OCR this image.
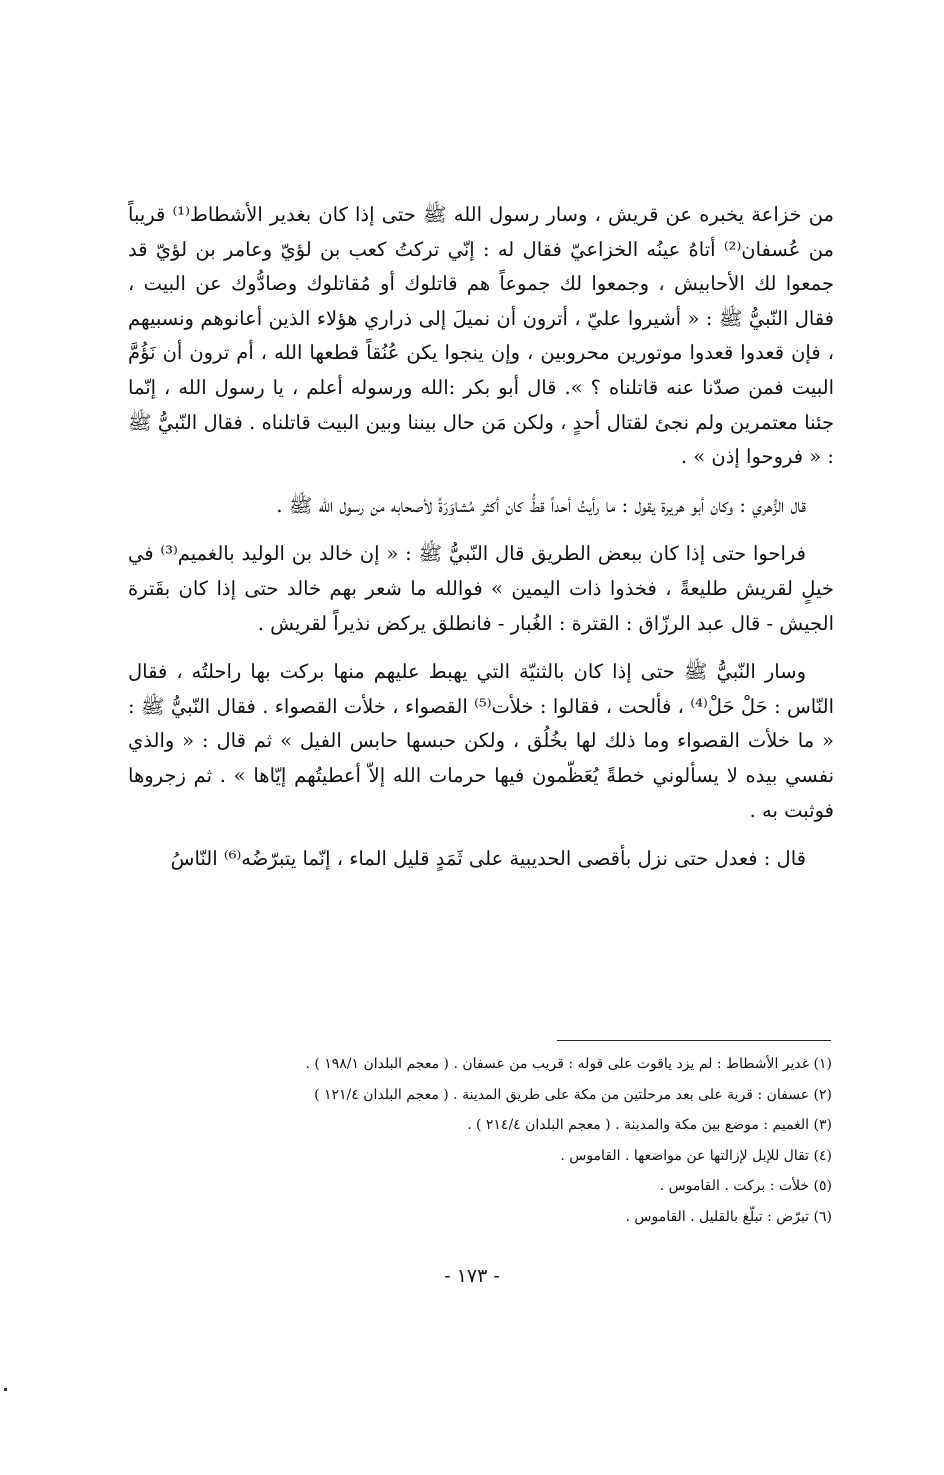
من خزاعة يخبره عن قريش ، وسار رسول الله ﷺ حتى إذا كان بغدير الأشطاط⁽¹⁾ قريباً من عُسفان⁽²⁾ أتاهُ عينُه الخزاعيّ فقال له : إنّي تركتُ كعب بن لؤيّ وعامر بن لؤيّ قد جمعوا لك الأحابيش ، وجمعوا لك جموعاً هم قاتلوك أو مُقاتلوك وصادُّوك عن البيت ، فقال النّبيُّ ﷺ : « أشيروا عليّ ، أترون أن نميلَ إلى ذراري هؤلاء الذين أعانوهم ونسبيهم ، فإن قعدوا قعدوا موتورين محروبين ، وإن ينجوا يكن عُنُقاً قطعها الله ، أم ترون أن نَؤُمَّ البيت فمن صدّنا عنه قاتلناه ؟ ». قال أبو بكر :الله ورسوله أعلم ، يا رسول الله ، إنّما جئنا معتمرين ولم نجئ لقتال أحدٍ ، ولكن مَن حال بيننا وبين البيت قاتلناه . فقال النّبيُّ ﷺ : « فروحوا إذن » .

قال الزُّهري : وكان أبو هريرة يقول : ما رأيتُ أحداً قطُّ كان أكثر مُشاوَرَةً لأصحابه من رسول الله ﷺ .

فراحوا حتى إذا كان ببعض الطريق قال النّبيُّ ﷺ : « إن خالد بن الوليد بالغميم⁽³⁾ في خيلٍ لقريش طليعةً ، فخذوا ذات اليمين » فوالله ما شعر بهم خالد حتى إذا كان بقَترة الجيش - قال عبد الرزّاق : القترة : الغُبار - فانطلق يركض نذيراً لقريش .

وسار النّبيُّ ﷺ حتى إذا كان بالثنيّة التي يهبط عليهم منها بركت بها راحلتُه ، فقال النّاس : حَلْ حَلْ⁽⁴⁾ ، فألحت ، فقالوا : خلأت⁽⁵⁾ القصواء ، خلأت القصواء . فقال النّبيُّ ﷺ : « ما خلأت القصواء وما ذلك لها بخُلُق ، ولكن حبسها حابس الفيل » ثم قال : « والذي نفسي بيده لا يسألوني خطةً يُعَظّمون فيها حرمات الله إلاّ أعطيتُهم إيّاها » . ثم زجروها فوثبت به .

قال : فعدل حتى نزل بأقصى الحديبية على ثَمَدٍ قليل الماء ، إنّما يتبرّضُه⁽⁶⁾ النّاسُ

(١) غدير الأشطاط : لم يزد ياقوت على قوله : قريب من عسفان . ( معجم البلدان ١٩٨/١ ) .
(٢) عسفان : قرية على بعد مرحلتين من مكة على طريق المدينة . ( معجم البلدان ١٢١/٤ )
(٣) الغميم : موضع بين مكة والمدينة . ( معجم البلدان ٢١٤/٤ ) .
(٤) تقال للإبل لإزالتها عن مواضعها . القاموس .
(٥) خلأت : بركت . القاموس .
(٦) تبرّض : تبلّغ بالقليل . القاموس .
- ١٧٣ -
